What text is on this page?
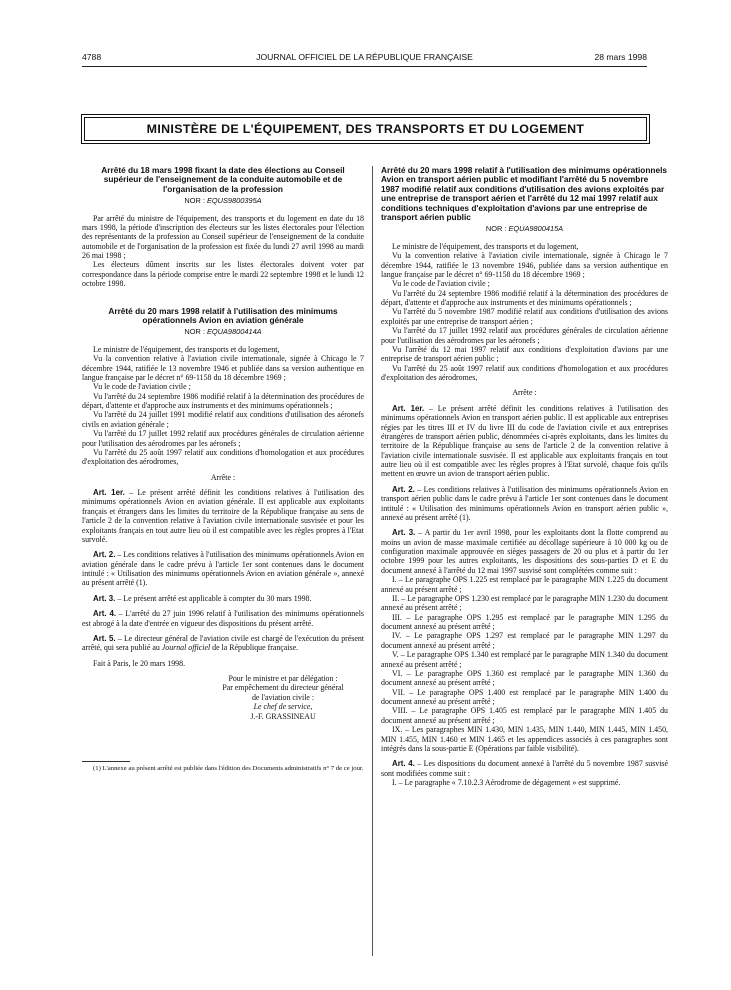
4788	JOURNAL OFFICIEL DE LA RÉPUBLIQUE FRANÇAISE	28 mars 1998
MINISTÈRE DE L'ÉQUIPEMENT, DES TRANSPORTS ET DU LOGEMENT
Arrêté du 18 mars 1998 fixant la date des élections au Conseil supérieur de l'enseignement de la conduite automobile et de l'organisation de la profession
NOR : EQUS9800395A

Par arrêté du ministre de l'équipement, des transports et du logement en date du 18 mars 1998, la période d'inscription des électeurs sur les listes électorales pour l'élection des représentants de la profession au Conseil supérieur de l'enseignement de la conduite automobile et de l'organisation de la profession est fixée du lundi 27 avril 1998 au mardi 26 mai 1998 ;

Les électeurs dûment inscrits sur les listes électorales doivent voter par correspondance dans la période comprise entre le mardi 22 septembre 1998 et le lundi 12 octobre 1998.

Arrêté du 20 mars 1998 relatif à l'utilisation des minimums opérationnels Avion en aviation générale
NOR : EQUA9800414A

Le ministre de l'équipement, des transports et du logement,

Vu la convention relative à l'aviation civile internationale, signée à Chicago le 7 décembre 1944, ratifiée le 13 novembre 1946 et publiée dans sa version authentique en langue française par le décret n° 69-1158 du 18 décembre 1969 ;

Vu le code de l'aviation civile ;

Vu l'arrêté du 24 septembre 1986 modifié relatif à la détermination des procédures de départ, d'attente et d'approche aux instruments et des minimums opérationnels ;

Vu l'arrêté du 24 juillet 1991 modifié relatif aux conditions d'utilisation des aéronefs civils en aviation générale ;

Vu l'arrêté du 17 juillet 1992 relatif aux procédures générales de circulation aérienne pour l'utilisation des aérodromes par les aéronefs ;

Vu l'arrêté du 25 août 1997 relatif aux conditions d'homologation et aux procédures d'exploitation des aérodromes,

Arrête :

Art. 1er. – Le présent arrêté définit les conditions relatives à l'utilisation des minimums opérationnels Avion en aviation générale. Il est applicable aux exploitants français et étrangers dans les limites du territoire de la République française au sens de l'article 2 de la convention relative à l'aviation civile internationale susvisée et pour les exploitants français en tout autre lieu où il est compatible avec les règles propres à l'Etat survolé.

Art. 2. – Les conditions relatives à l'utilisation des minimums opérationnels Avion en aviation générale dans le cadre prévu à l'article 1er sont contenues dans le document intitulé : « Utilisation des minimums opérationnels Avion en aviation générale », annexé au présent arrêté (1).

Art. 3. – Le présent arrêté est applicable à compter du 30 mars 1998.

Art. 4. – L'arrêté du 27 juin 1996 relatif à l'utilisation des minimums opérationnels est abrogé à la date d'entrée en vigueur des dispositions du présent arrêté.

Art. 5. – Le directeur général de l'aviation civile est chargé de l'exécution du présent arrêté, qui sera publié au Journal officiel de la République française.

Fait à Paris, le 20 mars 1998.

Pour le ministre et par délégation :

Par empêchement du directeur général

de l'aviation civile :

Le chef de service,

J.-F. GRASSINEAU

(1) L'annexe au présent arrêté est publiée dans l'édition des Documents administratifs n° 7 de ce jour.

Arrêté du 20 mars 1998 relatif à l'utilisation des minimums opérationnels Avion en transport aérien public et modifiant l'arrêté du 5 novembre 1987 modifié relatif aux conditions d'utilisation des avions exploités par une entreprise de transport aérien et l'arrêté du 12 mai 1997 relatif aux conditions techniques d'exploitation d'avions par une entreprise de transport aérien public
NOR : EQUA9800415A

Le ministre de l'équipement, des transports et du logement,

Vu la convention relative à l'aviation civile internationale, signée à Chicago le 7 décembre 1944, ratifiée le 13 novembre 1946, publiée dans sa version authentique en langue française par le décret n° 69-1158 du 18 décembre 1969 ;

Vu le code de l'aviation civile ;

Vu l'arrêté du 24 septembre 1986 modifié relatif à la détermination des procédures de départ, d'attente et d'approche aux instruments et des minimums opérationnels ;

Vu l'arrêté du 5 novembre 1987 modifié relatif aux conditions d'utilisation des avions exploités par une entreprise de transport aérien ;

Vu l'arrêté du 17 juillet 1992 relatif aux procédures générales de circulation aérienne pour l'utilisation des aérodromes par les aéronefs ;

Vu l'arrêté du 12 mai 1997 relatif aux conditions d'exploitation d'avions par une entreprise de transport aérien public ;

Vu l'arrêté du 25 août 1997 relatif aux conditions d'homologation et aux procédures d'exploitation des aérodromes,

Arrête :

Art. 1er. – Le présent arrêté définit les conditions relatives à l'utilisation des minimums opérationnels Avion en transport aérien public. Il est applicable aux entreprises régies par les titres III et IV du livre III du code de l'aviation civile et aux entreprises étrangères de transport aérien public, dénommées ci-après exploitants, dans les limites du territoire de la République française au sens de l'article 2 de la convention relative à l'aviation civile internationale susvisée. Il est applicable aux exploitants français en tout autre lieu où il est compatible avec les règles propres à l'Etat survolé, chaque fois qu'ils mettent en œuvre un avion de transport aérien public.

Art. 2. – Les conditions relatives à l'utilisation des minimums opérationnels Avion en transport aérien public dans le cadre prévu à l'article 1er sont contenues dans le document intitulé : « Utilisation des minimums opérationnels Avion en transport aérien public », annexé au présent arrêté (1).

Art. 3. – A partir du 1er avril 1998, pour les exploitants dont la flotte comprend au moins un avion de masse maximale certifiée au décollage supérieure à 10 000 kg ou de configuration maximale approuvée en sièges passagers de 20 ou plus et à partir du 1er octobre 1999 pour les autres exploitants, les dispositions des sous-parties D et E du document annexé à l'arrêté du 12 mai 1997 susvisé sont complétées comme suit :

I. – Le paragraphe OPS 1.225 est remplacé par le paragraphe MIN 1.225 du document annexé au présent arrêté ;

II. – Le paragraphe OPS 1.230 est remplacé par le paragraphe MIN 1.230 du document annexé au présent arrêté ;

III. – Le paragraphe OPS 1.295 est remplacé par le paragraphe MIN 1.295 du document annexé au présent arrêté ;

IV. – Le paragraphe OPS 1.297 est remplacé par le paragraphe MIN 1.297 du document annexé au présent arrêté ;

V. – Le paragraphe OPS 1.340 est remplacé par le paragraphe MIN 1.340 du document annexé au présent arrêté ;

VI. – Le paragraphe OPS 1.360 est remplacé par le paragraphe MIN 1.360 du document annexé au présent arrêté ;

VII. – Le paragraphe OPS 1.400 est remplacé par le paragraphe MIN 1.400 du document annexé au présent arrêté ;

VIII. – Le paragraphe OPS 1.405 est remplacé par le paragraphe MIN 1.405 du document annexé au présent arrêté ;

IX. – Les paragraphes MIN 1.430, MIN 1.435, MIN 1.440, MIN 1.445, MIN 1.450, MIN 1.455, MIN 1.460 et MIN 1.465 et les appendices associés à ces paragraphes sont intégrés dans la sous-partie E (Opérations par faible visibilité).

Art. 4. – Les dispositions du document annexé à l'arrêté du 5 novembre 1987 susvisé sont modifiées comme suit :

I. – Le paragraphe « 7.10.2.3 Aérodrome de dégagement » est supprimé.
